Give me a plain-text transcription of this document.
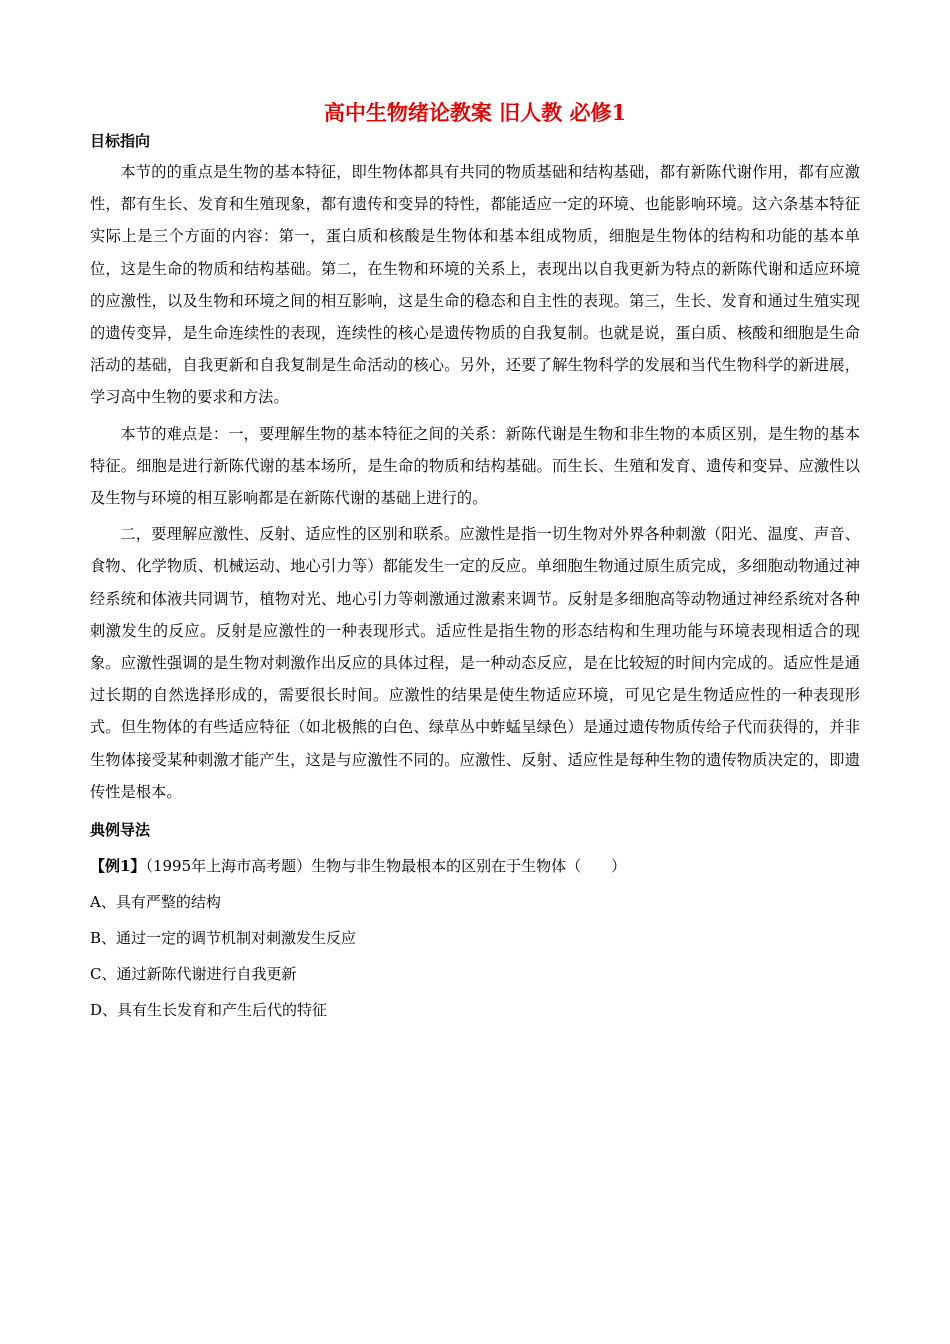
高中生物绪论教案 旧人教 必修1
目标指向

本节的的重点是生物的基本特征，即生物体都具有共同的物质基础和结构基础，都有新陈代谢作用，都有应激性，都有生长、发育和生殖现象，都有遗传和变异的特性，都能适应一定的环境、也能影响环境。这六条基本特征实际上是三个方面的内容：第一，蛋白质和核酸是生物体和基本组成物质，细胞是生物体的结构和功能的基本单位，这是生命的物质和结构基础。第二，在生物和环境的关系上，表现出以自我更新为特点的新陈代谢和适应环境的应激性，以及生物和环境之间的相互影响，这是生命的稳态和自主性的表现。第三，生长、发育和通过生殖实现的遗传变异，是生命连续性的表现，连续性的核心是遗传物质的自我复制。也就是说，蛋白质、核酸和细胞是生命活动的基础，自我更新和自我复制是生命活动的核心。另外，还要了解生物科学的发展和当代生物科学的新进展，学习高中生物的要求和方法。

本节的难点是：一，要理解生物的基本特征之间的关系：新陈代谢是生物和非生物的本质区别，是生物的基本特征。细胞是进行新陈代谢的基本场所，是生命的物质和结构基础。而生长、生殖和发育、遗传和变异、应激性以及生物与环境的相互影响都是在新陈代谢的基础上进行的。

二，要理解应激性、反射、适应性的区别和联系。应激性是指一切生物对外界各种刺激（阳光、温度、声音、食物、化学物质、机械运动、地心引力等）都能发生一定的反应。单细胞生物通过原生质完成，多细胞动物通过神经系统和体液共同调节，植物对光、地心引力等刺激通过激素来调节。反射是多细胞高等动物通过神经系统对各种刺激发生的反应。反射是应激性的一种表现形式。适应性是指生物的形态结构和生理功能与环境表现相适合的现象。应激性强调的是生物对刺激作出反应的具体过程，是一种动态反应，是在比较短的时间内完成的。适应性是通过长期的自然选择形成的，需要很长时间。应激性的结果是使生物适应环境，可见它是生物适应性的一种表现形式。但生物体的有些适应特征（如北极熊的白色、绿草丛中蚱蜢呈绿色）是通过遗传物质传给子代而获得的，并非生物体接受某种刺激才能产生，这是与应激性不同的。应激性、反射、适应性是每种生物的遗传物质决定的，即遗传性是根本。

典例导法

【例1】（1995年上海市高考题）生物与非生物最根本的区别在于生物体（　　）

A、具有严整的结构

B、通过一定的调节机制对刺激发生反应

C、通过新陈代谢进行自我更新

D、具有生长发育和产生后代的特征
